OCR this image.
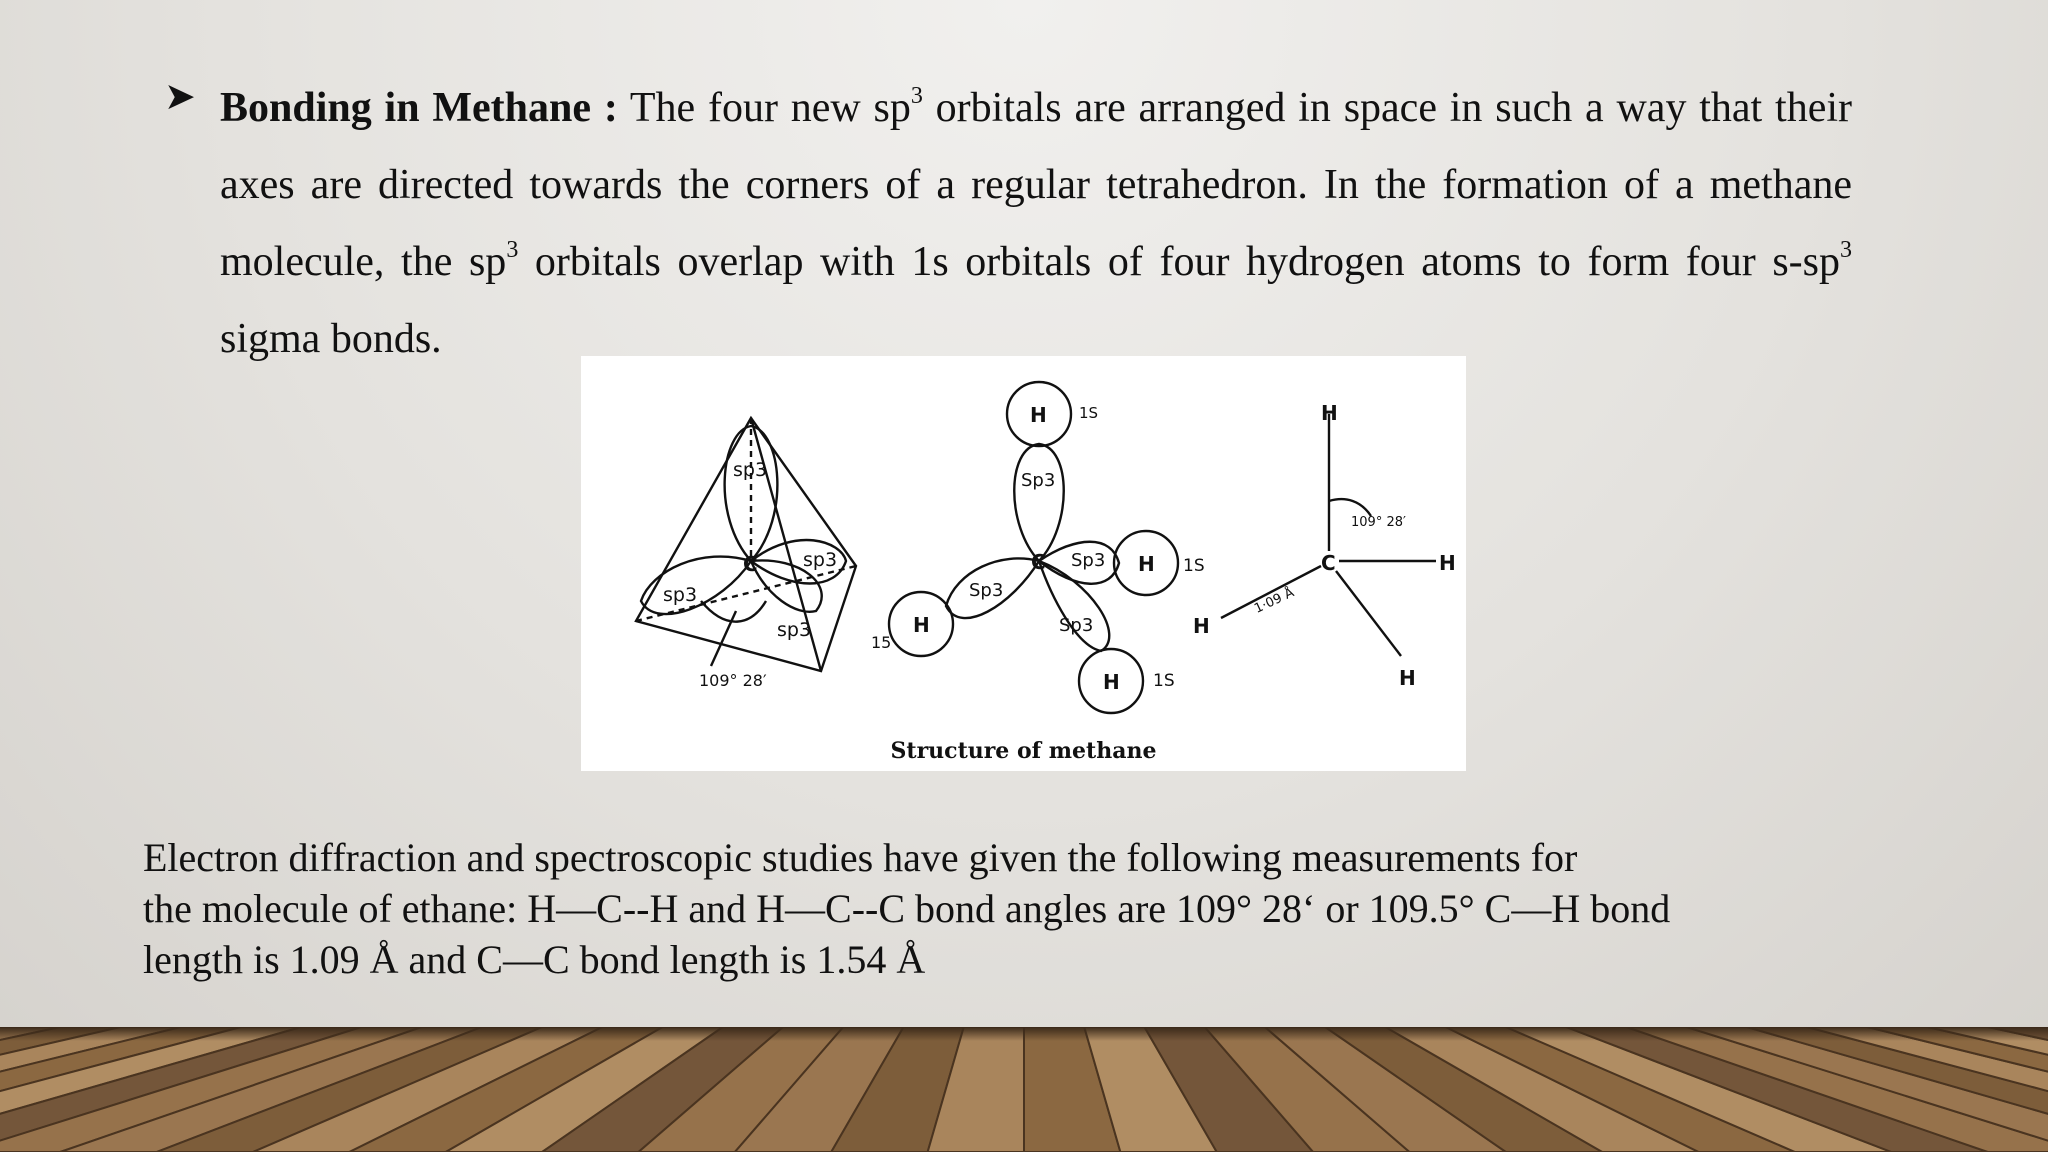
➤ Bonding in Methane : The four new $sp^3$ orbitals are arranged in space in such a way that their axes are directed towards the corners of a regular tetrahedron. In the formation of a methane molecule, the $sp^3$ orbitals overlap with 1s orbitals of four hydrogen atoms to form four $s-sp^3$ sigma bonds.
sp3
sp3
sp3
sp3
C
109° 28′
H 1S
Sp3
C Sp3 H 1S
Sp3
H
15
Sp3
H 1S
H
109° 28′
C	H
1·09 Å
H
H
Structure of methane
Electron diffraction and spectroscopic studies have given the following measurements for
the molecule of ethane: H—C--H and H—C--C bond angles are 109° 28‘ or 109.5° C—H bond
length is 1.09 Å and C—C bond length is 1.54 Å
